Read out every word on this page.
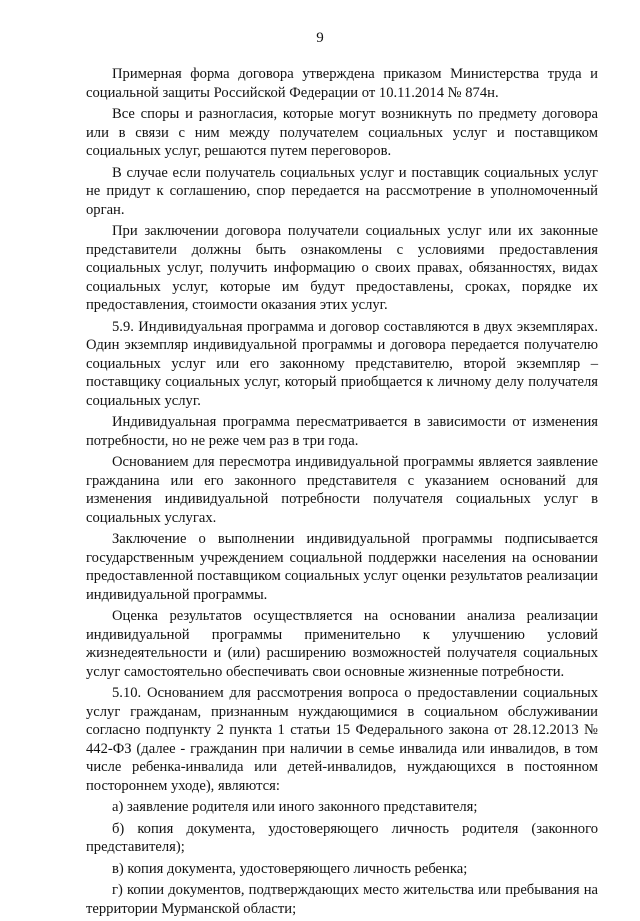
9

Примерная форма договора утверждена приказом Министерства труда и социальной защиты Российской Федерации от 10.11.2014 № 874н.

Все споры и разногласия, которые могут возникнуть по предмету договора или в связи с ним между получателем социальных услуг и поставщиком социальных услуг, решаются путем переговоров.

В случае если получатель социальных услуг и поставщик социальных услуг не придут к соглашению, спор передается на рассмотрение в уполномоченный орган.

При заключении договора получатели социальных услуг или их законные представители должны быть ознакомлены с условиями предоставления социальных услуг, получить информацию о своих правах, обязанностях, видах социальных услуг, которые им будут предоставлены, сроках, порядке их предоставления, стоимости оказания этих услуг.

5.9. Индивидуальная программа и договор составляются в двух экземплярах. Один экземпляр индивидуальной программы и договора передается получателю социальных услуг или его законному представителю, второй экземпляр – поставщику социальных услуг, который приобщается к личному делу получателя социальных услуг.

Индивидуальная программа пересматривается в зависимости от изменения потребности, но не реже чем раз в три года.

Основанием для пересмотра индивидуальной программы является заявление гражданина или его законного представителя с указанием оснований для изменения индивидуальной потребности получателя социальных услуг в социальных услугах.

Заключение о выполнении индивидуальной программы подписывается государственным учреждением социальной поддержки населения на основании предоставленной поставщиком социальных услуг оценки результатов реализации индивидуальной программы.

Оценка результатов осуществляется на основании анализа реализации индивидуальной программы применительно к улучшению условий жизнедеятельности и (или) расширению возможностей получателя социальных услуг самостоятельно обеспечивать свои основные жизненные потребности.

5.10. Основанием для рассмотрения вопроса о предоставлении социальных услуг гражданам, признанным нуждающимися в социальном обслуживании согласно подпункту 2 пункта 1 статьи 15 Федерального закона от 28.12.2013 № 442-ФЗ (далее - гражданин при наличии в семье инвалида или инвалидов, в том числе ребенка-инвалида или детей-инвалидов, нуждающихся в постоянном постороннем уходе), являются:

а) заявление родителя или иного законного представителя;

б) копия документа, удостоверяющего личность родителя (законного представителя);

в) копия документа, удостоверяющего личность ребенка;

г) копии документов, подтверждающих место жительства или пребывания на территории Мурманской области;
